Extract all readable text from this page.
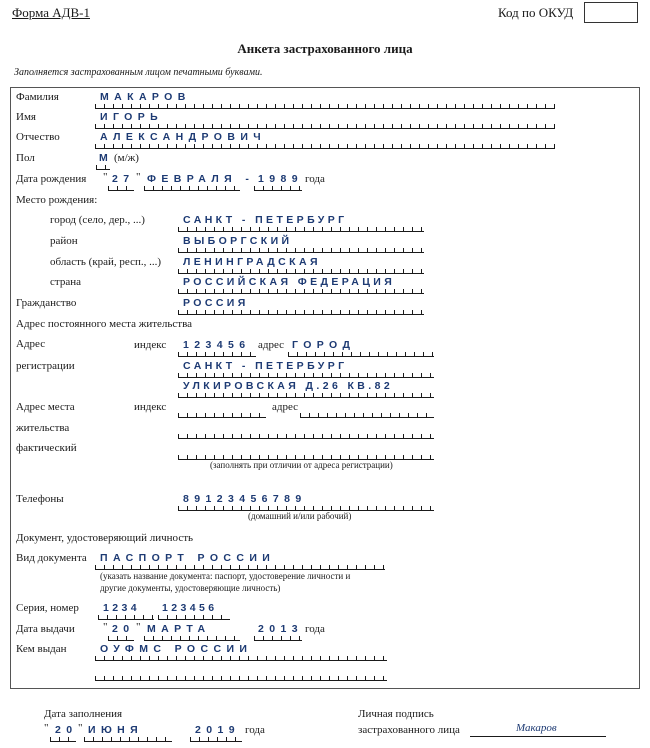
Форма АДВ-1	Код по ОКУД
Анкета застрахованного лица
Заполняется застрахованным лицом печатными буквами.
Фамилия	МАКАРОВ
Имя	ИГОРЬ
Отчество	АЛЕКСАНДРОВИЧ
Пол	М (м/ж)
Дата рождения " 27 " ФЕВРАЛЯ - 1989 года
Место рождения:
город (село, дер., ...)	САНКТ - ПЕТЕРБУРГ
район	ВЫБОРГСКИЙ
область (край, респ., ...) ЛЕНИНГРАДСКАЯ
страна	РОССИЙСКАЯ ФЕДЕРАЦИЯ
Гражданство	РОССИЯ
Адрес постоянного места жительства
Адрес
регистрации
индекс 123456 адрес ГОРОД
САНКТ - ПЕТЕРБУРГ
УЛКИРОВСКАЯ Д.26 КВ.82
Адрес места
жительства
фактический
индекс	адрес
(заполнять при отличии от адреса регистрации)
Телефоны	89123456789
(домашний и/или рабочий)
Документ, удостоверяющий личность
Вид документа ПАСПОРТ РОССИИ
(указать название документа: паспорт, удостоверение личности и
другие документы, удостоверяющие личность)
Серия, номер 1234 123456
Дата выдачи	" 20 " МАРТА	2013 года
Кем выдан	ОУФМС РОССИИ
Дата заполнения
" 20 " ИЮНЯ	2019 года
Личная подпись
застрахованного лица	Макаров
